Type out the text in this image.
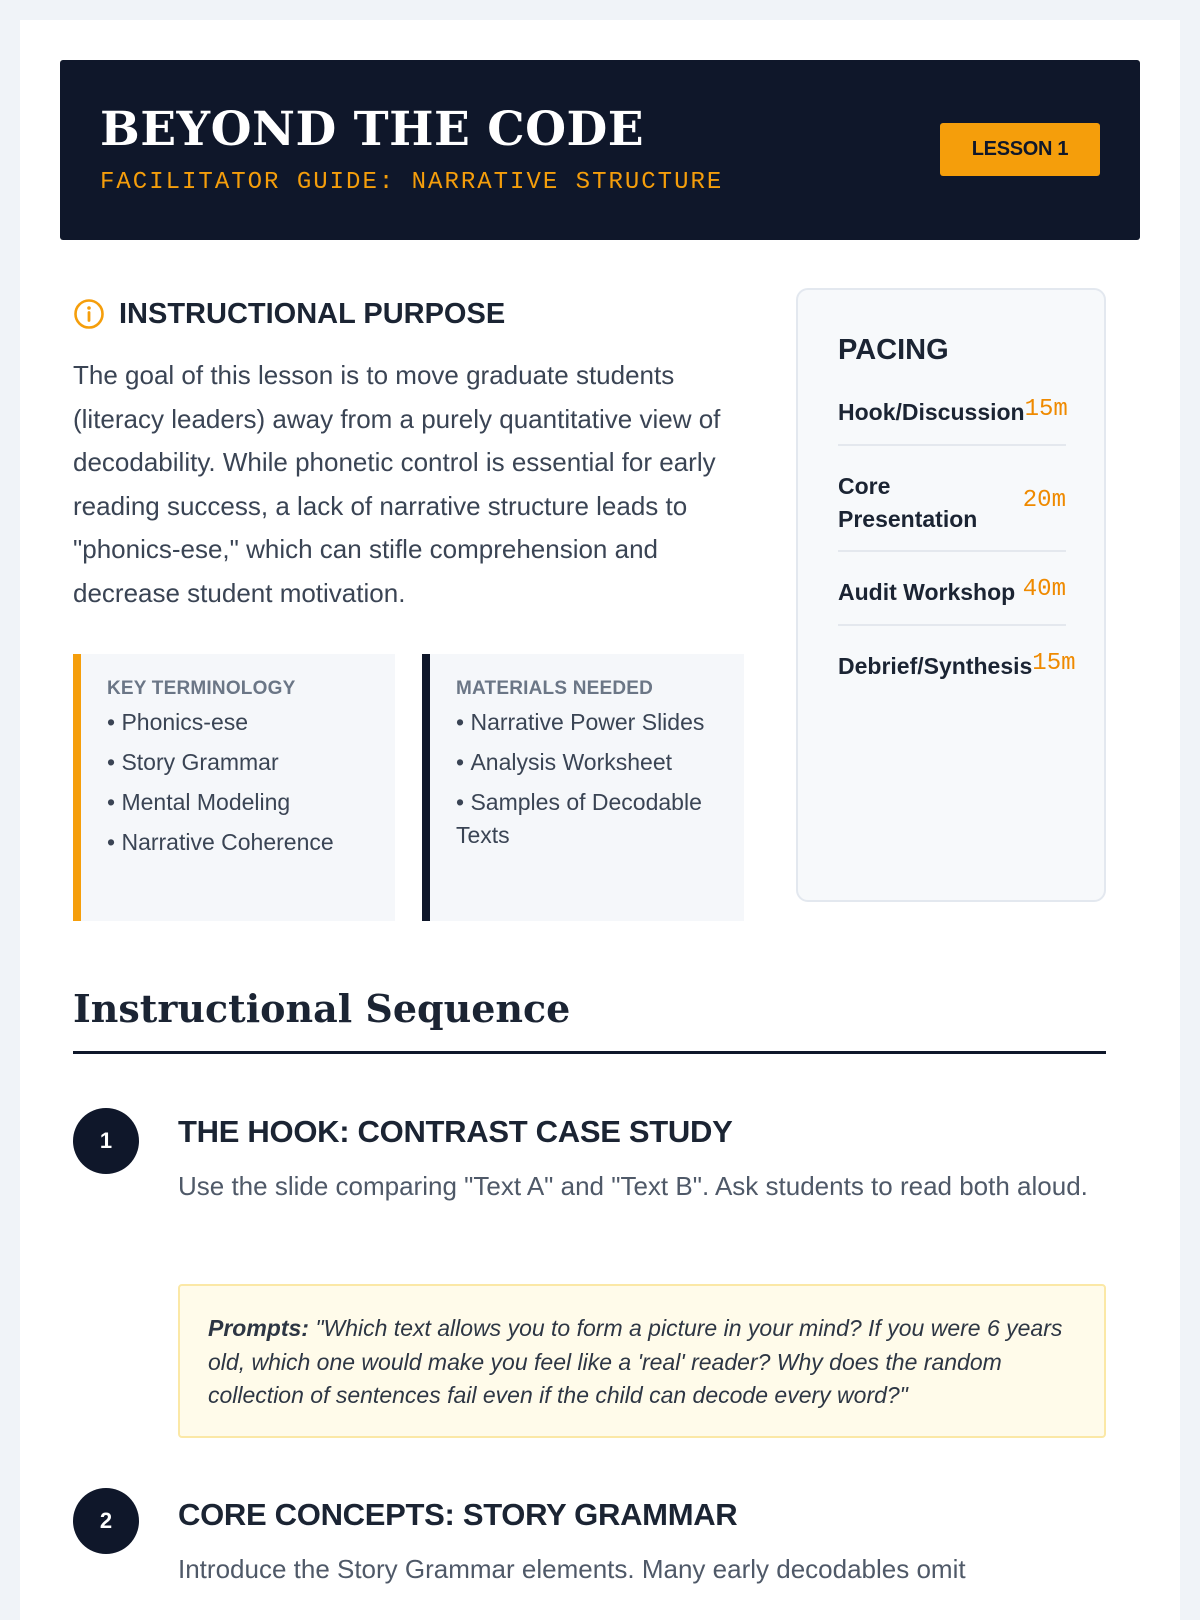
BEYOND THE CODE
FACILITATOR GUIDE: NARRATIVE STRUCTURE
LESSON 1
INSTRUCTIONAL PURPOSE
The goal of this lesson is to move graduate students (literacy leaders) away from a purely quantitative view of decodability. While phonetic control is essential for early reading success, a lack of narrative structure leads to "phonics-ese," which can stifle comprehension and decrease student motivation.
KEY TERMINOLOGY
• Phonics-ese
• Story Grammar
• Mental Modeling
• Narrative Coherence
MATERIALS NEEDED
• Narrative Power Slides
• Analysis Worksheet
• Samples of Decodable Texts
PACING
Hook/Discussion 15m
Core Presentation
20m
Audit Workshop 40m
Debrief/Synthesis 15m
Instructional Sequence
1	THE HOOK: CONTRAST CASE STUDY
Use the slide comparing "Text A" and "Text B". Ask students to read both aloud.
Prompts: "Which text allows you to form a picture in your mind? If you were 6 years old, which one would make you feel like a 'real' reader? Why does the random collection of sentences fail even if the child can decode every word?"
2	CORE CONCEPTS: STORY GRAMMAR
Introduce the Story Grammar elements. Many early decodables omit
